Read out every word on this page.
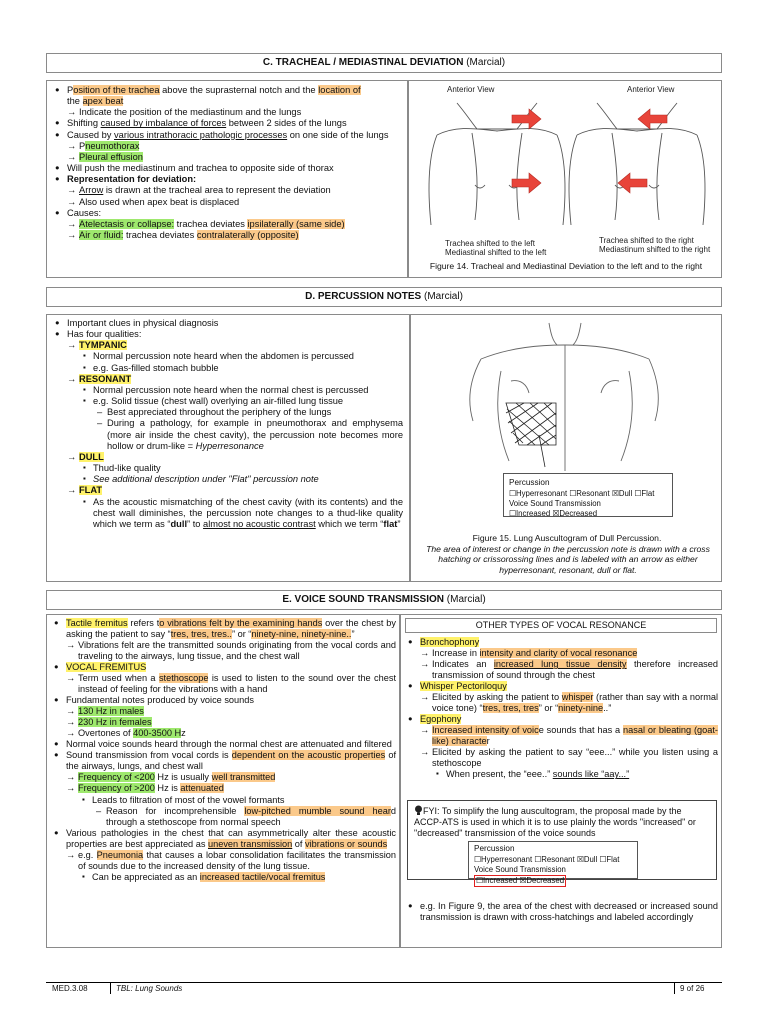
C. TRACHEAL / MEDIASTINAL DEVIATION (Marcial)
● Position of the trachea above the suprasternal notch and the location of
the apex beat
→ Indicate the position of the mediastinum and the lungs
● Shifting caused by imbalance of forces between 2 sides of the lungs
● Caused by various intrathoracic pathologic processes on one side of the lungs
→ Pneumothorax
→ Pleural effusion
● Will push the mediastinum and trachea to opposite side of thorax
● Representation for deviation:
→ Arrow is drawn at the tracheal area to represent the deviation
→ Also used when apex beat is displaced
● Causes:
→ Atelectasis or collapse: trachea deviates ipsilaterally (same side)
→ Air or fluid: trachea deviates contralaterally (opposite)
Anterior View	Anterior View
Trachea shifted to the left
Mediastinal shifted to the left
Trachea shifted to the right
Mediastinum shifted to the right
Figure 14. Tracheal and Mediastinal Deviation to the left and to the right
D. PERCUSSION NOTES (Marcial)
● Important clues in physical diagnosis
● Has four qualities:
→ TYMPANIC
▪ Normal percussion note heard when the abdomen is percussed
▪ e.g. Gas-filled stomach bubble
→ RESONANT
▪ Normal percussion note heard when the normal chest is percussed
▪ e.g. Solid tissue (chest wall) overlying an air-filled lung tissue
– Best appreciated throughout the periphery of the lungs
– During a pathology, for example in pneumothorax and emphysema (more air inside the chest cavity), the percussion note becomes more hollow or drum-like = Hyperresonance
→ DULL
▪ Thud-like quality
▪ See additional description under "Flat" percussion note
→ FLAT
▪ As the acoustic mismatching of the chest cavity (with its contents) and the chest wall diminishes, the percussion note changes to a thud-like quality which we term as “dull” to almost no acoustic contrast which we term “flat”
Percussion
☐Hyperresonant ☐Resonant ☒Dull ☐Flat
Voice Sound Transmission
☐Increased ☒Decreased
Figure 15. Lung Auscultogram of Dull Percussion.
The area of interest or change in the percussion note is drawn with a cross hatching or crissorossing lines and is labeled with an arrow as either hyperresonant, resonant, dull or flat.
E. VOICE SOUND TRANSMISSION (Marcial)
● Tactile fremitus refers to vibrations felt by the examining hands over the chest by asking the patient to say “tres, tres, tres..” or “ninety-nine, ninety-nine..”
→ Vibrations felt are the transmitted sounds originating from the vocal cords and traveling to the airways, lung tissue, and the chest wall
● VOCAL FREMITUS
→ Term used when a stethoscope is used to listen to the sound over the chest instead of feeling for the vibrations with a hand
● Fundamental notes produced by voice sounds
→ 130 Hz in males
→ 230 Hz in females
→ Overtones of 400-3500 Hz
● Normal voice sounds heard through the normal chest are attenuated and filtered
● Sound transmission from vocal cords is dependent on the acoustic properties of the airways, lungs, and chest wall
→ Frequency of <200 Hz is usually well transmitted
→ Frequency of >200 Hz is attenuated
▪ Leads to filtration of most of the vowel formants
– Reason for incomprehensible low-pitched mumble sound heard through a stethoscope from normal speech
● Various pathologies in the chest that can asymmetrically alter these acoustic properties are best appreciated as uneven transmission of vibrations or sounds
→ e.g. Pneumonia that causes a lobar consolidation facilitates the transmission of sounds due to the increased density of the lung tissue.
▪ Can be appreciated as an increased tactile/vocal fremitus
OTHER TYPES OF VOCAL RESONANCE
● Bronchophony
→ Increase in intensity and clarity of vocal resonance
→ Indicates an increased lung tissue density therefore increased transmission of sound through the chest
● Whisper Pectoriloquy
→ Elicited by asking the patient to whisper (rather than say with a normal voice tone) “tres, tres, tres” or “ninety-nine..”
● Egophony
→ Increased intensity of voice sounds that has a nasal or bleating (goat-like) character
→ Elicited by asking the patient to say “eee...” while you listen using a stethoscope
▪ When present, the “eee..” sounds like “aay...”
FYI: To simplify the lung auscultogram, the proposal made by the ACCP-ATS is used in which it is to use plainly the words "increased" or "decreased" transmission of the voice sounds
Percussion
☐Hyperresonant ☐Resonant ☒Dull ☐Flat
Voice Sound Transmission
☐Increased ☒Decreased
● e.g. In Figure 9, the area of the chest with decreased or increased sound transmission is drawn with cross-hatchings and labeled accordingly
MED.3.08	TBL: Lung Sounds	9 of 26
